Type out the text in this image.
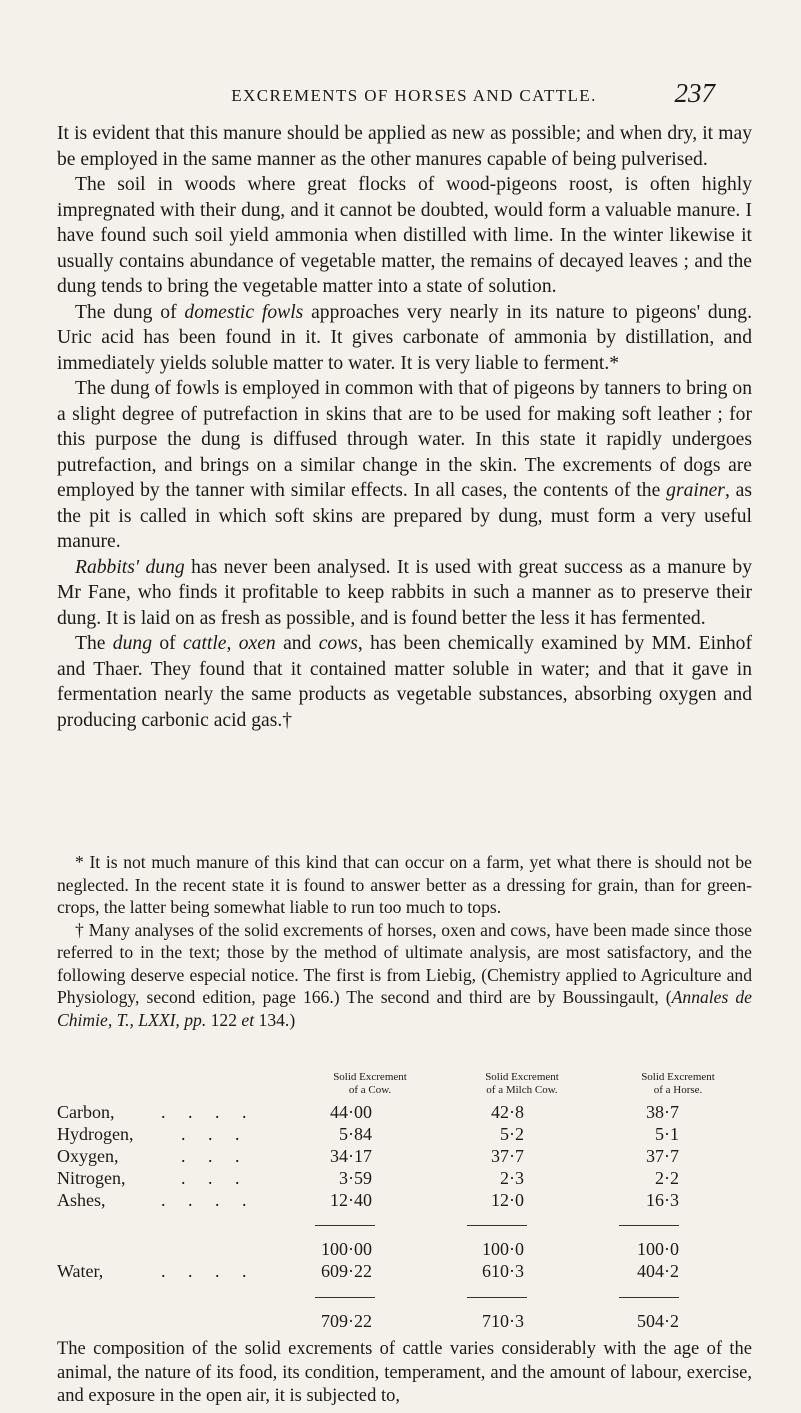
EXCREMENTS OF HORSES AND CATTLE.	237

It is evident that this manure should be applied as new as possible; and when dry, it may be employed in the same manner as the other manures capable of being pulverised.

The soil in woods where great flocks of wood-pigeons roost, is often highly impregnated with their dung, and it cannot be doubted, would form a valuable manure. I have found such soil yield ammonia when distilled with lime. In the winter likewise it usually contains abundance of vegetable matter, the remains of decayed leaves ; and the dung tends to bring the vegetable matter into a state of solution.

The dung of domestic fowls approaches very nearly in its nature to pigeons' dung. Uric acid has been found in it. It gives carbonate of ammonia by distillation, and immediately yields soluble matter to water. It is very liable to ferment.*

The dung of fowls is employed in common with that of pigeons by tanners to bring on a slight degree of putrefaction in skins that are to be used for making soft leather ; for this purpose the dung is diffused through water. In this state it rapidly undergoes putrefaction, and brings on a similar change in the skin. The excrements of dogs are employed by the tanner with similar effects. In all cases, the contents of the grainer, as the pit is called in which soft skins are prepared by dung, must form a very useful manure.

Rabbits' dung has never been analysed. It is used with great success as a manure by Mr Fane, who finds it profitable to keep rabbits in such a manner as to preserve their dung. It is laid on as fresh as possible, and is found better the less it has fermented.

The dung of cattle, oxen and cows, has been chemically examined by MM. Einhof and Thaer. They found that it contained matter soluble in water; and that it gave in fermentation nearly the same products as vegetable substances, absorbing oxygen and producing carbonic acid gas.†

* It is not much manure of this kind that can occur on a farm, yet what there is should not be neglected. In the recent state it is found to answer better as a dressing for grain, than for green-crops, the latter being somewhat liable to run too much to tops.

† Many analyses of the solid excrements of horses, oxen and cows, have been made since those referred to in the text; those by the method of ultimate analysis, are most satisfactory, and the following deserve especial notice. The first is from Liebig, (Chemistry applied to Agriculture and Physiology, second edition, page 166.) The second and third are by Boussingault, (Annales de Chimie, T., LXXI, pp. 122 et 134.)

Solid Excrement
of a Cow.
Solid Excrement
of a Milch Cow.
Solid Excrement
of a Horse.
Carbon,	. . . .	44·00	42·8	38·7
Hydrogen,	. . .	5·84	5·2	5·1
Oxygen,	. . .	34·17	37·7	37·7
Nitrogen,	. . .	3·59	2·3	2·2
Ashes,	. . . .	12·40	12·0	16·3
100·00	100·0	100·0
Water,	. . . .	609·22	610·3	404·2
709·22	710·3	504·2

The composition of the solid excrements of cattle varies considerably with the age of the animal, the nature of its food, its condition, temperament, and the amount of labour, exercise, and exposure in the open air, it is subjected to,
